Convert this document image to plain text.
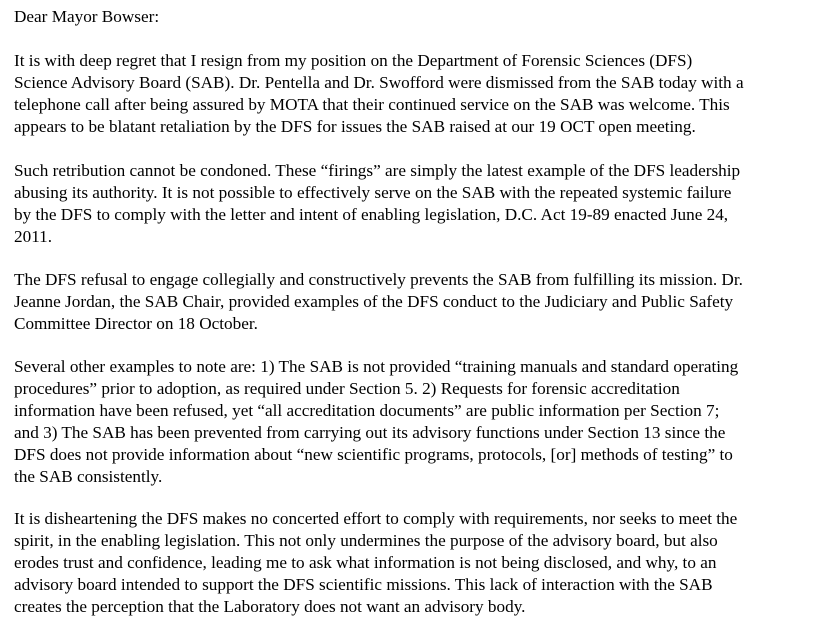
Dear Mayor Bowser:

It is with deep regret that I resign from my position on the Department of Forensic Sciences (DFS)
Science Advisory Board (SAB). Dr. Pentella and Dr. Swofford were dismissed from the SAB today with a
telephone call after being assured by MOTA that their continued service on the SAB was welcome. This
appears to be blatant retaliation by the DFS for issues the SAB raised at our 19 OCT open meeting.
Such retribution cannot be condoned. These “firings” are simply the latest example of the DFS leadership
abusing its authority. It is not possible to effectively serve on the SAB with the repeated systemic failure
by the DFS to comply with the letter and intent of enabling legislation, D.C. Act 19-89 enacted June 24,
2011.
The DFS refusal to engage collegially and constructively prevents the SAB from fulfilling its mission. Dr.
Jeanne Jordan, the SAB Chair, provided examples of the DFS conduct to the Judiciary and Public Safety
Committee Director on 18 October.
Several other examples to note are: 1) The SAB is not provided “training manuals and standard operating
procedures” prior to adoption, as required under Section 5. 2) Requests for forensic accreditation
information have been refused, yet “all accreditation documents” are public information per Section 7;
and 3) The SAB has been prevented from carrying out its advisory functions under Section 13 since the
DFS does not provide information about “new scientific programs, protocols, [or] methods of testing” to
the SAB consistently.
It is disheartening the DFS makes no concerted effort to comply with requirements, nor seeks to meet the
spirit, in the enabling legislation. This not only undermines the purpose of the advisory board, but also
erodes trust and confidence, leading me to ask what information is not being disclosed, and why, to an
advisory board intended to support the DFS scientific missions. This lack of interaction with the SAB
creates the perception that the Laboratory does not want an advisory body.
